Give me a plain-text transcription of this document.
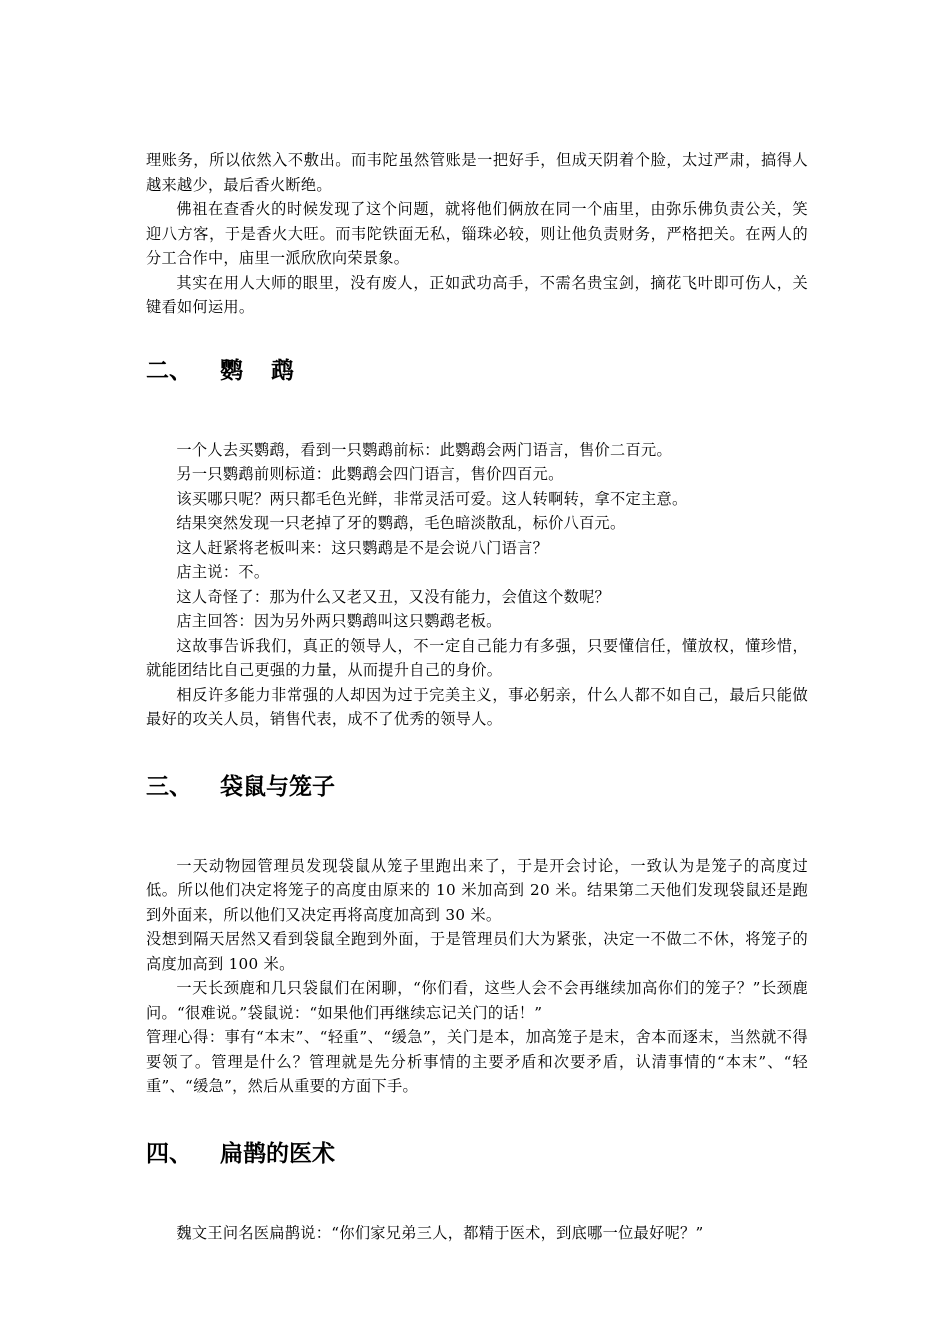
理账务，所以依然入不敷出。而韦陀虽然管账是一把好手，但成天阴着个脸，太过严肃，搞得人越来越少，最后香火断绝。

佛祖在查香火的时候发现了这个问题，就将他们俩放在同一个庙里，由弥乐佛负责公关，笑迎八方客，于是香火大旺。而韦陀铁面无私，锱珠必较，则让他负责财务，严格把关。在两人的分工合作中，庙里一派欣欣向荣景象。

其实在用人大师的眼里，没有废人，正如武功高手，不需名贵宝剑，摘花飞叶即可伤人，关键看如何运用。

二、	鹦鹉

一个人去买鹦鹉，看到一只鹦鹉前标：此鹦鹉会两门语言，售价二百元。

另一只鹦鹉前则标道：此鹦鹉会四门语言，售价四百元。

该买哪只呢？两只都毛色光鲜，非常灵活可爱。这人转啊转，拿不定主意。

结果突然发现一只老掉了牙的鹦鹉，毛色暗淡散乱，标价八百元。

这人赶紧将老板叫来：这只鹦鹉是不是会说八门语言？

店主说：不。

这人奇怪了：那为什么又老又丑，又没有能力，会值这个数呢？

店主回答：因为另外两只鹦鹉叫这只鹦鹉老板。

这故事告诉我们，真正的领导人，不一定自己能力有多强，只要懂信任，懂放权，懂珍惜，就能团结比自己更强的力量，从而提升自己的身价。

相反许多能力非常强的人却因为过于完美主义，事必躬亲，什么人都不如自己，最后只能做最好的攻关人员，销售代表，成不了优秀的领导人。

三、	袋鼠与笼子

一天动物园管理员发现袋鼠从笼子里跑出来了，于是开会讨论，一致认为是笼子的高度过低。所以他们决定将笼子的高度由原来的 10 米加高到 20 米。结果第二天他们发现袋鼠还是跑到外面来，所以他们又决定再将高度加高到 30 米。

没想到隔天居然又看到袋鼠全跑到外面，于是管理员们大为紧张，决定一不做二不休，将笼子的高度加高到 100 米。

一天长颈鹿和几只袋鼠们在闲聊，“你们看，这些人会不会再继续加高你们的笼子？”长颈鹿问。“很难说。”袋鼠说：“如果他们再继续忘记关门的话！”

管理心得：事有“本末”、“轻重”、“缓急”，关门是本，加高笼子是末，舍本而逐末，当然就不得要领了。管理是什么？管理就是先分析事情的主要矛盾和次要矛盾，认清事情的“本末”、“轻重”、“缓急”，然后从重要的方面下手。

四、	扁鹊的医术

魏文王问名医扁鹊说：“你们家兄弟三人，都精于医术，到底哪一位最好呢？”
